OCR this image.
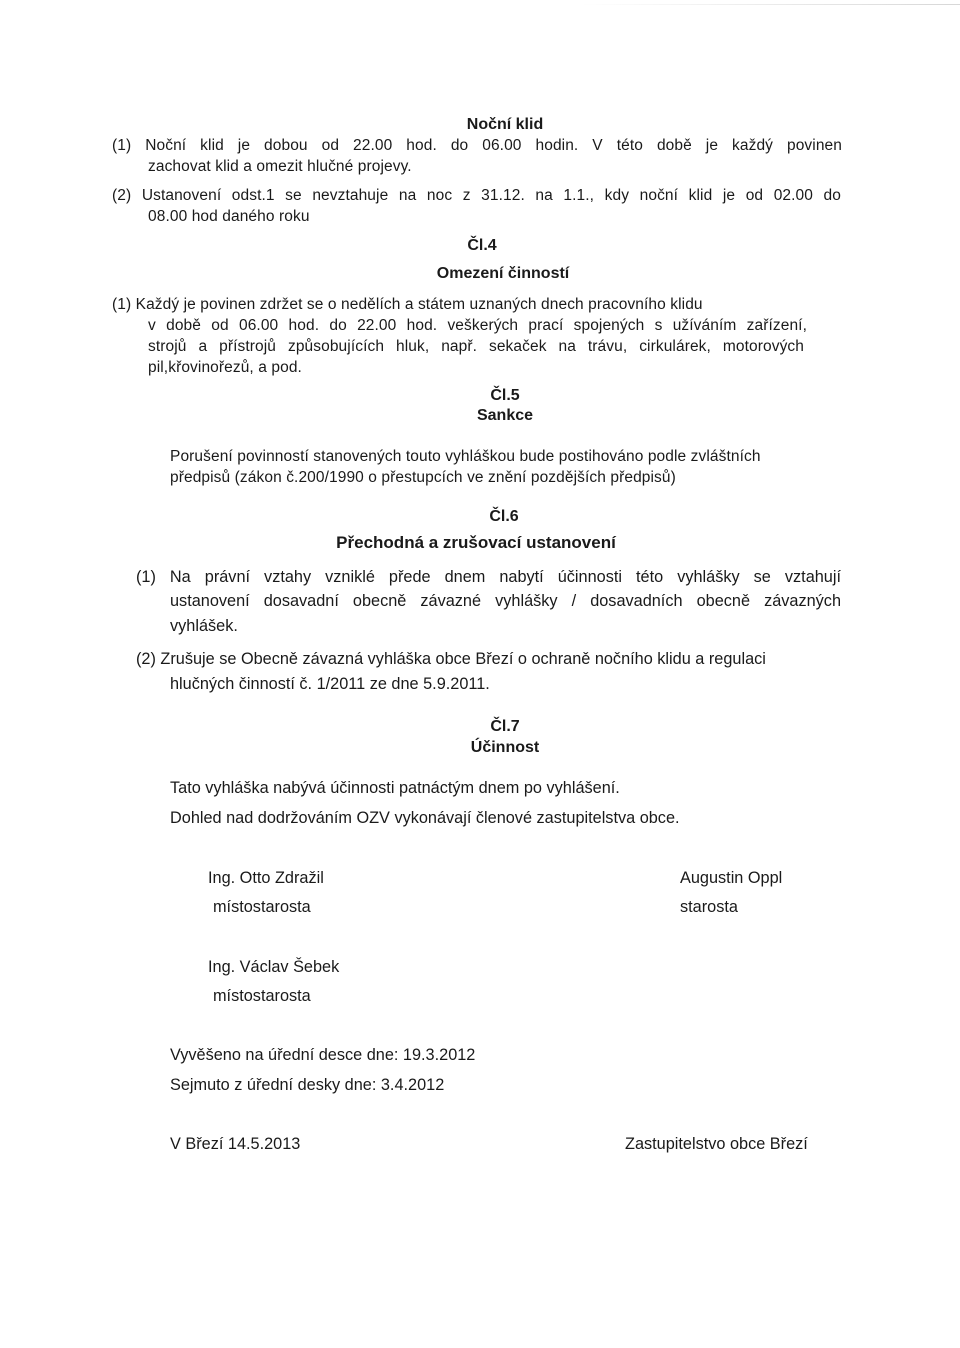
Noční klid
(1) Noční klid je dobou od 22.00 hod. do 06.00 hodin. V této době je každý povinen
zachovat klid a omezit hlučné projevy.
(2) Ustanovení odst.1 se nevztahuje na noc z 31.12. na 1.1., kdy noční klid je od 02.00 do
08.00 hod daného roku
Čl.4
Omezení činností
(1) Každý je povinen zdržet se o nedělích a státem uznaných dnech pracovního klidu
v době od 06.00 hod. do 22.00 hod. veškerých prací spojených s užíváním zařízení,
strojů a přístrojů způsobujících hluk, např. sekaček na trávu, cirkulárek, motorových
pil,křovinořezů, a pod.
Čl.5
Sankce
Porušení povinností stanovených touto vyhláškou bude postihováno podle zvláštních
předpisů (zákon č.200/1990 o přestupcích ve znění pozdějších předpisů)
Čl.6
Přechodná a zrušovací ustanovení
(1) Na právní vztahy vzniklé přede dnem nabytí účinnosti této vyhlášky se vztahují
ustanovení dosavadní obecně závazné vyhlášky / dosavadních obecně závazných
vyhlášek.
(2) Zrušuje se Obecně závazná vyhláška obce Březí o ochraně nočního klidu a regulaci
hlučných činností č. 1/2011 ze dne 5.9.2011.
Čl.7
Účinnost
Tato vyhláška nabývá účinnosti patnáctým dnem po vyhlášení.
Dohled nad dodržováním OZV vykonávají členové zastupitelstva obce.
Ing. Otto Zdražil
místostarosta
Augustin Oppl
starosta
Ing. Václav Šebek
místostarosta
Vyvěšeno na úřední desce dne: 19.3.2012
Sejmuto z úřední desky dne: 3.4.2012
V Březí 14.5.2013	Zastupitelstvo obce Březí
